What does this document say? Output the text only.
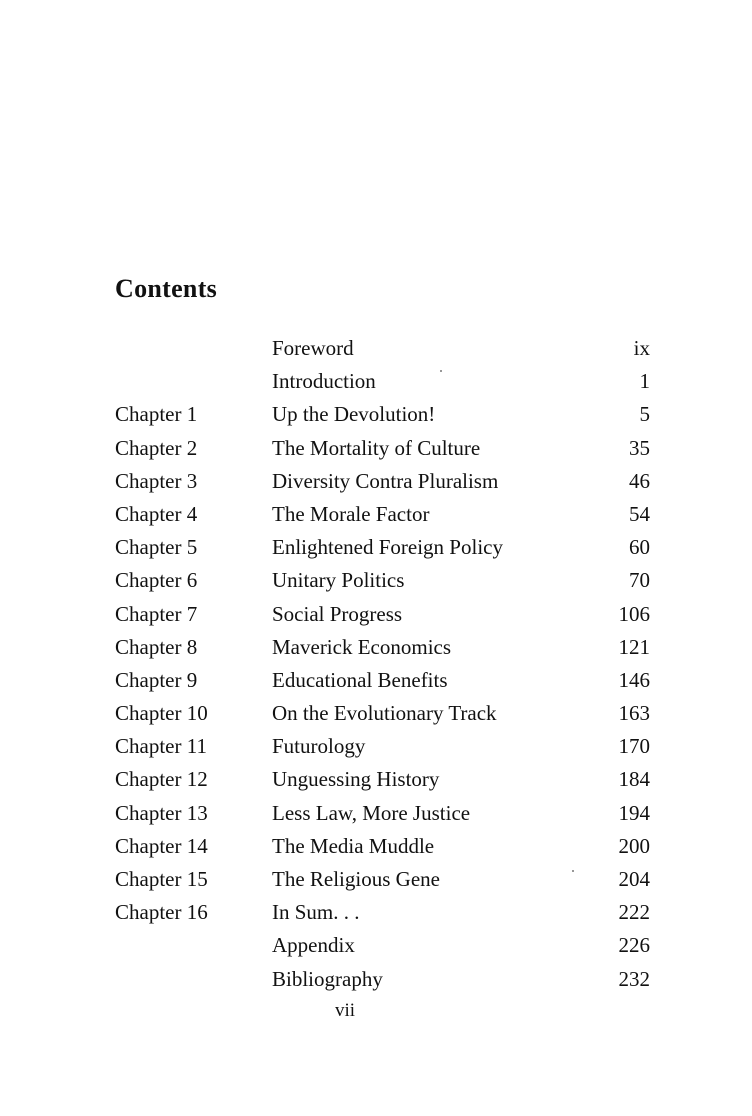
Contents
Foreword	ix
Introduction	1
Chapter 1	Up the Devolution!	5
Chapter 2	The Mortality of Culture	35
Chapter 3	Diversity Contra Pluralism	46
Chapter 4	The Morale Factor	54
Chapter 5	Enlightened Foreign Policy	60
Chapter 6	Unitary Politics	70
Chapter 7	Social Progress	106
Chapter 8	Maverick Economics	121
Chapter 9	Educational Benefits	146
Chapter 10	On the Evolutionary Track	163
Chapter 11	Futurology	170
Chapter 12	Unguessing History	184
Chapter 13	Less Law, More Justice	194
Chapter 14	The Media Muddle	200
Chapter 15	The Religious Gene	204
Chapter 16	In Sum. . .	222
Appendix	226
Bibliography	232

vii
